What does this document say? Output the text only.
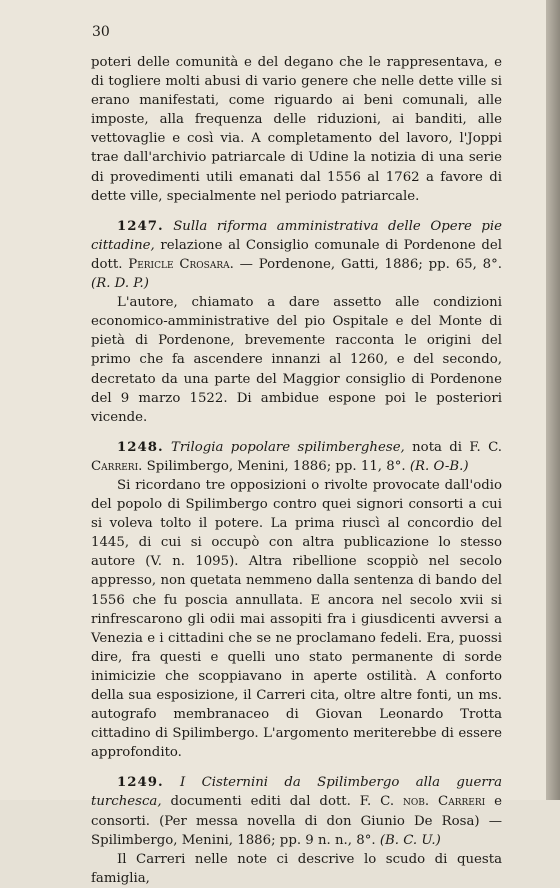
30

poteri delle comunità e del degano che le rappresentava, e di togliere molti abusi di vario genere che nelle dette ville si erano manifestati, come riguardo ai beni comunali, alle imposte, alla frequenza delle riduzioni, ai banditi, alle vettovaglie e così via. A completamento del lavoro, l'Joppi trae dall'archivio patriarcale di Udine la notizia di una serie di provedimenti utili emanati dal 1556 al 1762 a favore di dette ville, specialmente nel periodo patriarcale.

1247. Sulla riforma amministrativa delle Opere pie cittadine, relazione al Consiglio comunale di Pordenone del dott. Pericle Crosara. — Pordenone, Gatti, 1886; pp. 65, 8°. (R. D. P.)

L'autore, chiamato a dare assetto alle condizioni economico-amministrative del pio Ospitale e del Monte di pietà di Pordenone, brevemente racconta le origini del primo che fa ascendere innanzi al 1260, e del secondo, decretato da una parte del Maggior consiglio di Pordenone del 9 marzo 1522. Di ambidue espone poi le posteriori vicende.

1248. Trilogia popolare spilimberghese, nota di F. C. Carreri. Spilimbergo, Menini, 1886; pp. 11, 8°. (R. O-B.)

Si ricordano tre opposizioni o rivolte provocate dall'odio del popolo di Spilimbergo contro quei signori consorti a cui si voleva tolto il potere. La prima riuscì al concordio del 1445, di cui si occupò con altra publicazione lo stesso autore (V. n. 1095). Altra ribellione scoppiò nel secolo appresso, non quetata nemmeno dalla sentenza di bando del 1556 che fu poscia annullata. E ancora nel secolo xvii si rinfrescarono gli odii mai assopiti fra i giusdicenti avversi a Venezia e i cittadini che se ne proclamano fedeli. Era, puossi dire, fra questi e quelli uno stato permanente di sorde inimicizie che scoppiavano in aperte ostilità. A conforto della sua esposizione, il Carreri cita, oltre altre fonti, un ms. autografo membranaceo di Giovan Leonardo Trotta cittadino di Spilimbergo. L'argomento meriterebbe di essere approfondito.

1249. I Cisternini da Spilimbergo alla guerra turchesca, documenti editi dal dott. F. C. nob. Carreri e consorti. (Per messa novella di don Giunio De Rosa) — Spilimbergo, Menini, 1886; pp. 9 n. n., 8°. (B. C. U.)

Il Carreri nelle note ci descrive lo scudo di questa famiglia,
